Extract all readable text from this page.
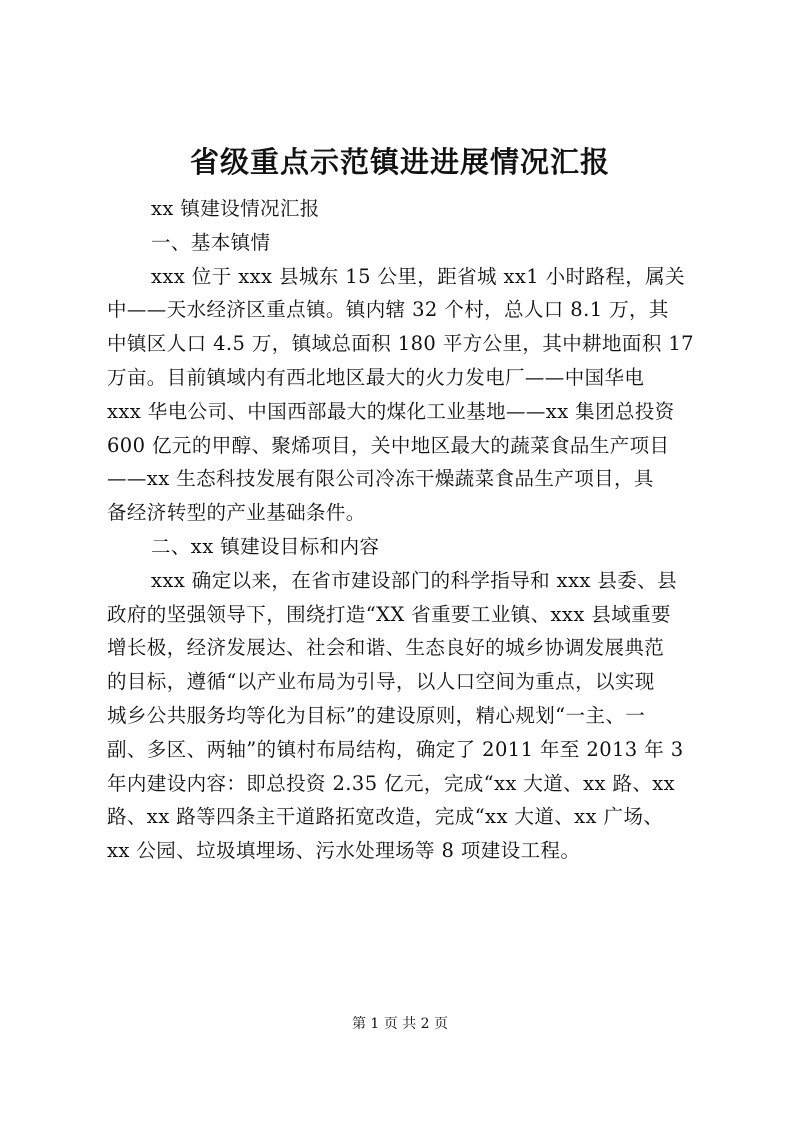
省级重点示范镇进进展情况汇报
xx 镇建设情况汇报
一、基本镇情
xxx 位于 xxx 县城东 15 公里，距省城 xx1 小时路程，属关
中——天水经济区重点镇。镇内辖 32 个村，总人口 8.1 万，其
中镇区人口 4.5 万，镇域总面积 180 平方公里，其中耕地面积 17
万亩。目前镇域内有西北地区最大的火力发电厂——中国华电
xxx 华电公司、中国西部最大的煤化工业基地——xx 集团总投资
600 亿元的甲醇、聚烯项目，关中地区最大的蔬菜食品生产项目
——xx 生态科技发展有限公司冷冻干燥蔬菜食品生产项目，具
备经济转型的产业基础条件。
二、xx 镇建设目标和内容
xxx 确定以来，在省市建设部门的科学指导和 xxx 县委、县
政府的坚强领导下，围绕打造“XX 省重要工业镇、xxx 县域重要
增长极，经济发展达、社会和谐、生态良好的城乡协调发展典范
的目标，遵循“以产业布局为引导，以人口空间为重点，以实现
城乡公共服务均等化为目标”的建设原则，精心规划“一主、一
副、多区、两轴”的镇村布局结构，确定了 2011 年至 2013 年 3
年内建设内容：即总投资 2.35 亿元，完成“xx 大道、xx 路、xx
路、xx 路等四条主干道路拓宽改造，完成“xx 大道、xx 广场、
xx 公园、垃圾填埋场、污水处理场等 8 项建设工程。
第 1 页 共 2 页
